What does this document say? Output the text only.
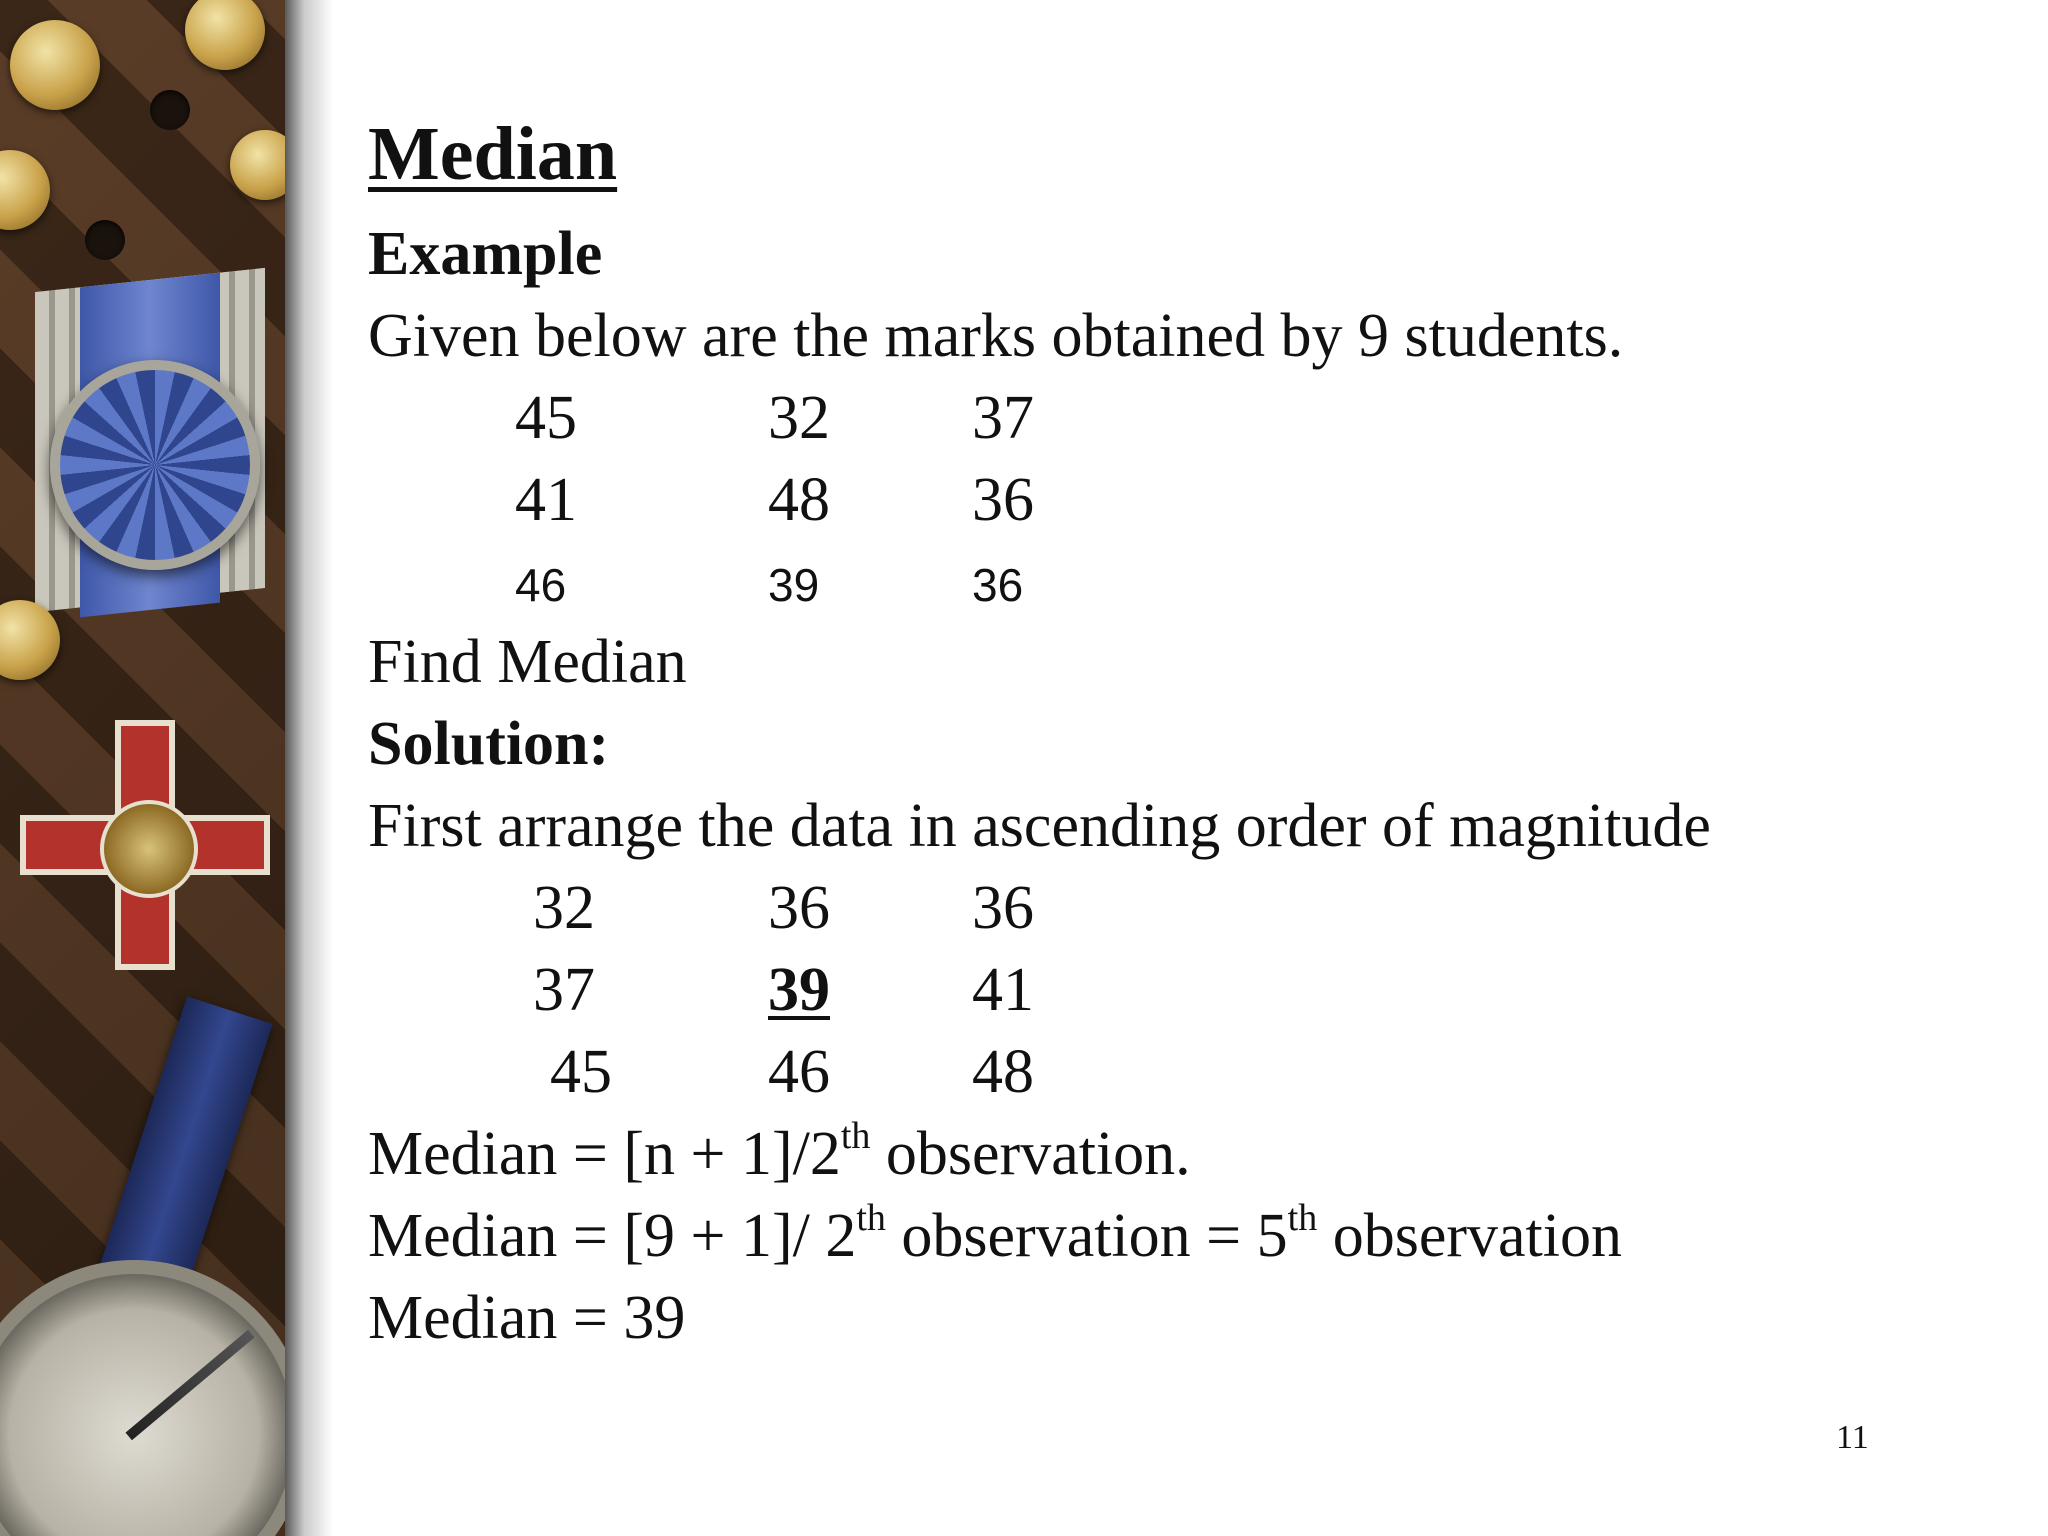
Median
Example
Given below are the marks obtained by 9 students.
45	32 37
41	48 36
46	39	36
Find Median
Solution:
First arrange the data in ascending order of magnitude
32	36 36
37	39 41
45	46 48
Median = [n + 1]/2th observation.
Median = [9 + 1]/ 2th observation = 5th observation
Median = 39
11
